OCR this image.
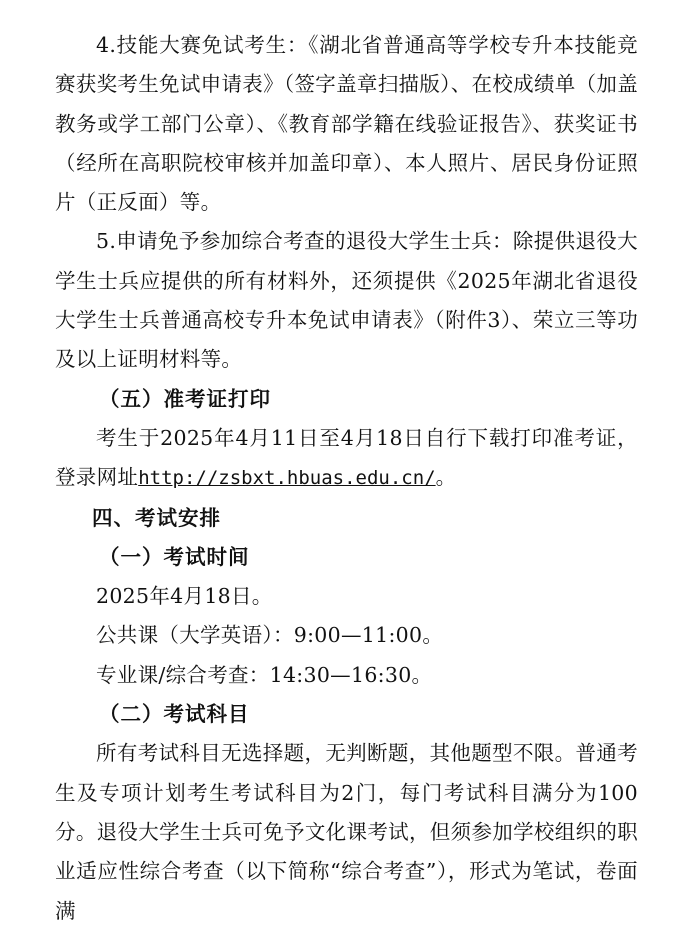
4.技能大赛免试考生：《湖北省普通高等学校专升本技能竞赛获奖考生免试申请表》（签字盖章扫描版）、在校成绩单（加盖教务或学工部门公章）、《教育部学籍在线验证报告》、获奖证书（经所在高职院校审核并加盖印章）、本人照片、居民身份证照片（正反面）等。

5.申请免予参加综合考查的退役大学生士兵：除提供退役大学生士兵应提供的所有材料外，还须提供《2025年湖北省退役大学生士兵普通高校专升本免试申请表》（附件3）、荣立三等功及以上证明材料等。

（五）准考证打印

考生于2025年4月11日至4月18日自行下载打印准考证，登录网址http://zsbxt.hbuas.edu.cn/。

四、考试安排

（一）考试时间

2025年4月18日。

公共课（大学英语）：9:00—11:00。

专业课/综合考查：14:30—16:30。

（二）考试科目

所有考试科目无选择题，无判断题，其他题型不限。普通考生及专项计划考生考试科目为2门，每门考试科目满分为100分。退役大学生士兵可免予文化课考试，但须参加学校组织的职业适应性综合考查（以下简称“综合考查”），形式为笔试，卷面满
